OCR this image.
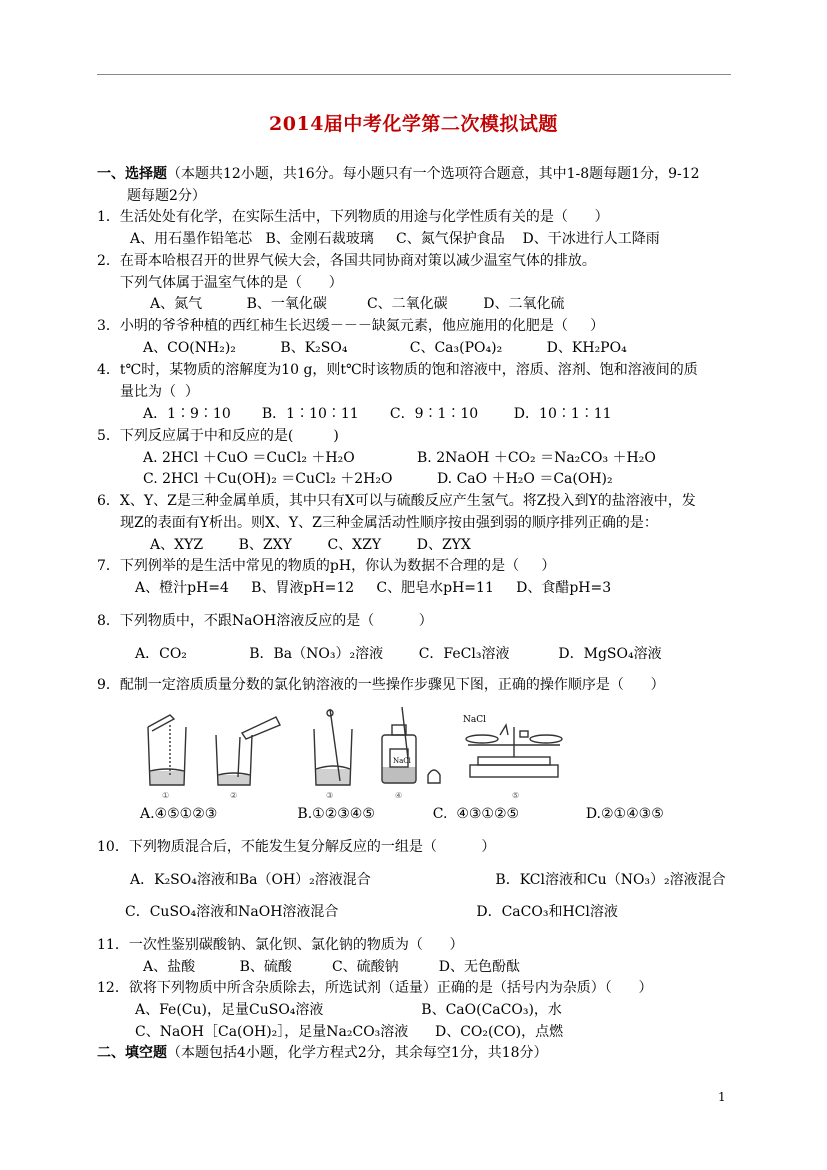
2014届中考化学第二次模拟试题
一、选择题（本题共12小题，共16分。每小题只有一个选项符合题意，其中1-8题每题1分，9-12
题每题2分）
1．生活处处有化学，在实际生活中，下列物质的用途与化学性质有关的是（      ）
A、用石墨作铅笔芯   B、金刚石裁玻璃     C、氮气保护食品    D、干冰进行人工降雨
2．在哥本哈根召开的世界气候大会，各国共同协商对策以减少温室气体的排放。
下列气体属于温室气体的是（      ）
A、氮气          B、一氧化碳         C、二氧化碳        D、二氧化硫
3．小明的爷爷种植的西红柿生长迟缓－－－缺氮元素，他应施用的化肥是（     ）
A、CO(NH₂)₂          B、K₂SO₄              C、Ca₃(PO₄)₂          D、KH₂PO₄
4．t℃时，某物质的溶解度为10 g，则t℃时该物质的饱和溶液中，溶质、溶剂、饱和溶液间的质
量比为（  ）
A．1∶9∶10       B．1∶10∶11       C．9∶1∶10        D．10∶1∶11
5．下列反应属于中和反应的是(         )
A. 2HCl ＋CuO ＝CuCl₂ ＋H₂O              B. 2NaOH ＋CO₂ ＝Na₂CO₃ ＋H₂O
C. 2HCl ＋Cu(OH)₂ ＝CuCl₂ ＋2H₂O          D. CaO ＋H₂O ＝Ca(OH)₂
6．X、Y、Z是三种金属单质，其中只有X可以与硫酸反应产生氢气。将Z投入到Y的盐溶液中，发
现Z的表面有Y析出。则X、Y、Z三种金属活动性顺序按由强到弱的顺序排列正确的是：
A、XYZ        B、ZXY        C、XZY        D、ZYX
7．下列例举的是生活中常见的物质的pH，你认为数据不合理的是（     ）
A、橙汁pH=4     B、胃液pH=12     C、肥皂水pH=11     D、食醋pH=3
8．下列物质中，不跟NaOH溶液反应的是（          ）
A．CO₂              B．Ba（NO₃）₂溶液        C．FeCl₃溶液           D．MgSO₄溶液
9．配制一定溶质质量分数的氯化钠溶液的一些操作步骤见下图，正确的操作顺序是（      ）
A.④⑤①②③                  B.①②③④⑤             C.  ④③①②⑤               D.②①④③⑤
10．下列物质混合后，不能发生复分解反应的一组是（          ）
A．K₂SO₄溶液和Ba（OH）₂溶液混合                            B．KCl溶液和Cu（NO₃）₂溶液混合
C．CuSO₄溶液和NaOH溶液混合                               D．CaCO₃和HCl溶液
11．一次性鉴别碳酸钠、氯化钡、氯化钠的物质为（      ）
A、盐酸          B、硫酸         C、硫酸钠         D、无色酚酞
12．欲将下列物质中所含杂质除去，所选试剂（适量）正确的是（括号内为杂质）（      ）
A、Fe(Cu)，足量CuSO₄溶液                      B、CaO(CaCO₃)，水
C、NaOH［Ca(OH)₂］，足量Na₂CO₃溶液      D、CO₂(CO)，点燃
二、填空题（本题包括4小题，化学方程式2分，其余每空1分，共18分）
NaCl
NaCl
①	②	③	④	⑤
1
